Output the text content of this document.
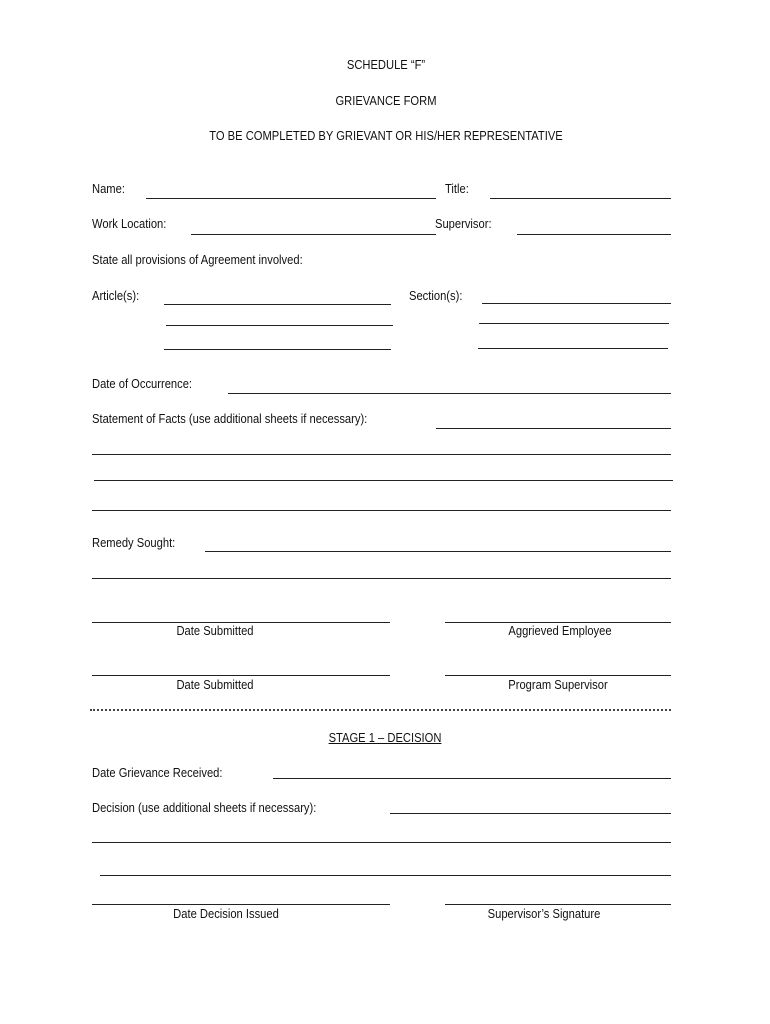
SCHEDULE “F”
GRIEVANCE FORM
TO BE COMPLETED BY GRIEVANT OR HIS/HER REPRESENTATIVE
Name:	Title:
Work Location:	Supervisor:
State all provisions of Agreement involved:
Article(s):	Section(s):
Date of Occurrence:
Statement of Facts (use additional sheets if necessary):
Remedy Sought:
Date Submitted	Aggrieved Employee
Date Submitted	Program Supervisor
STAGE 1 – DECISION
Date Grievance Received:
Decision (use additional sheets if necessary):
Date Decision Issued	Supervisor’s Signature
